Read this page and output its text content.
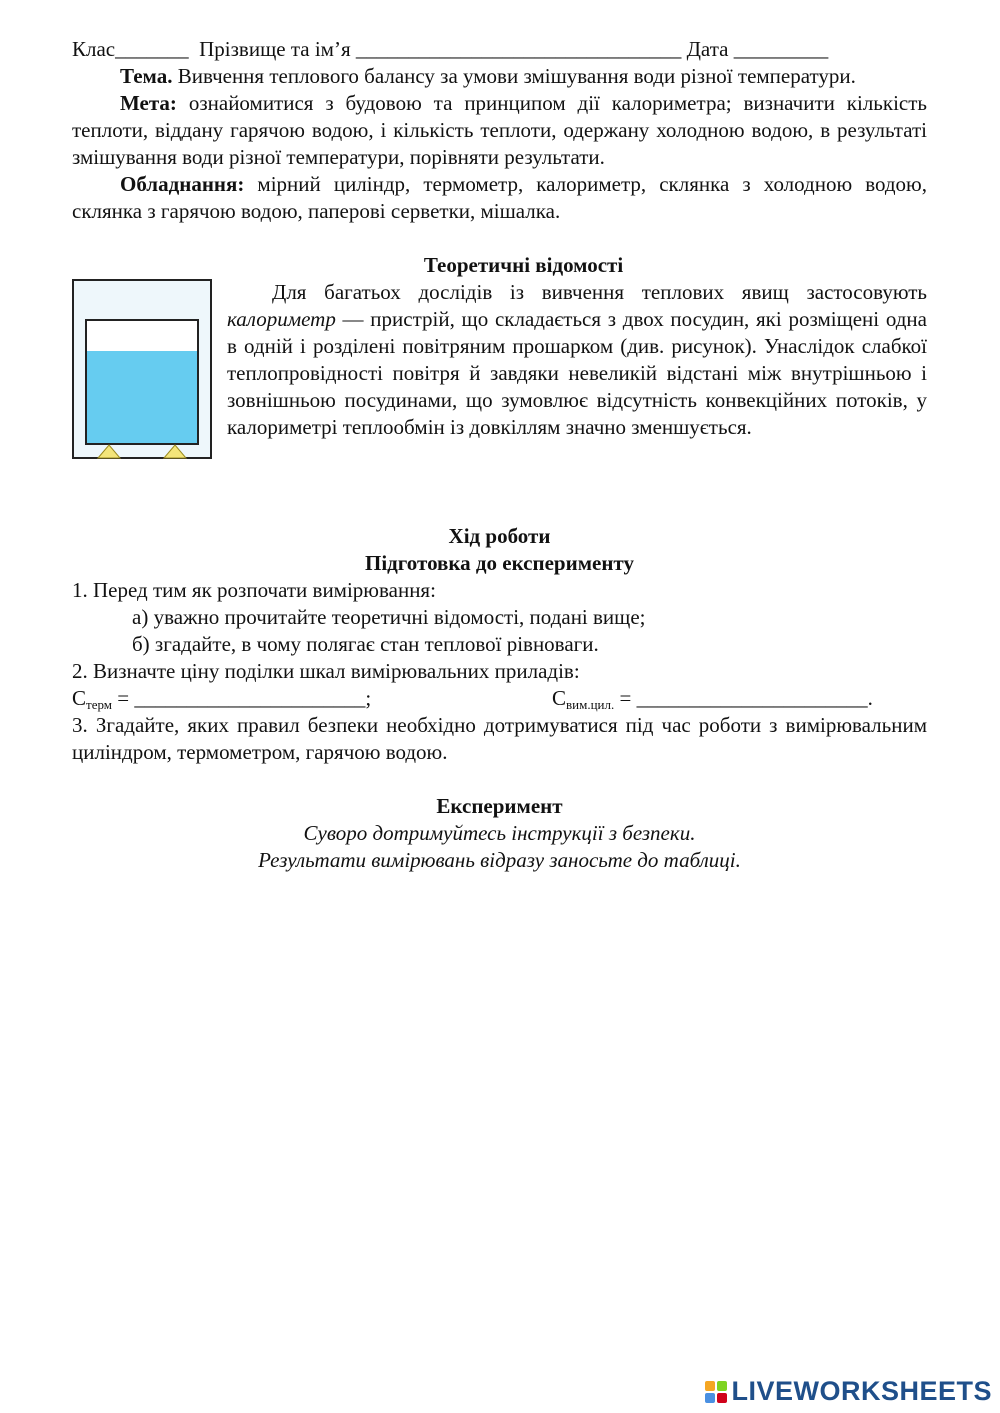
Клас_______  Прізвище та ім’я _______________________________ Дата _________
Тема. Вивчення теплового балансу за умови змішування води різної температури.
Мета: ознайомитися з будовою та принципом дії калориметра; визначити кількість теплоти, віддану гарячою водою, і кількість теплоти, одержану холодною водою, в результаті змішування води різної температури, порівняти результати.
Обладнання: мірний циліндр, термометр, калориметр, склянка з холодною водою, склянка з гарячою водою, паперові серветки, мішалка.
Теоретичні відомості
Для багатьох дослідів із вивчення теплових явищ застосовують калориметр — пристрій, що складається з двох посудин, які розміщені одна в одній і розділені повітряним прошарком (див. рисунок). Унаслідок слабкої теплопровідності повітря й завдяки невеликій відстані між внутрішньою і зовнішньою посудинами, що зумовлює відсутність конвекційних потоків, у калориметрі теплообмін із довкіллям значно зменшується.
Хід роботи
Підготовка до експерименту
1. Перед тим як розпочати вимірювання:
а) уважно прочитайте теоретичні відомості, подані вище;
б) згадайте, в чому полягає стан теплової рівноваги.
2. Визначте ціну поділки шкал вимірювальних приладів:
Cтерм = ______________________;	Cвим.цил. = ______________________.
3. Згадайте, яких правил безпеки необхідно дотримуватися під час роботи з вимірювальним циліндром, термометром, гарячою водою.
Експеримент
Суворо дотримуйтесь інструкції з безпеки.
Результати вимірювань відразу заносьте до таблиці.
LIVEWORKSHEETS
